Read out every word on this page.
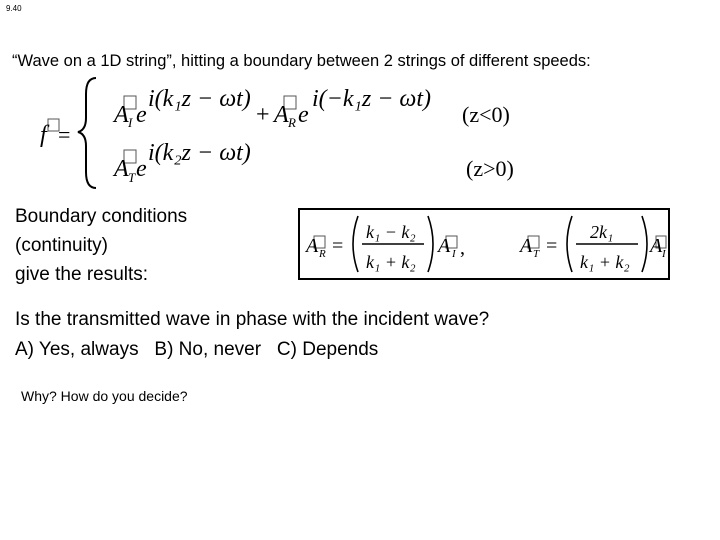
9.40
“Wave on a 1D string”, hitting a boundary between 2 strings of different speeds:
f =
A I e
i(k₁z − ωt)
+ A R e
i(−k₁z − ωt)
(z<0)
A T e
i(k₂z − ωt)
(z>0)
Boundary conditions
(continuity)
give the results:
A R =
k₁ − k₂
k₁ + k₂
A I ,	A T =
2k₁
k₁ + k₂
A I
Is the transmitted wave in phase with the incident wave?
A) Yes, always   B) No, never   C) Depends
Why? How do you decide?
